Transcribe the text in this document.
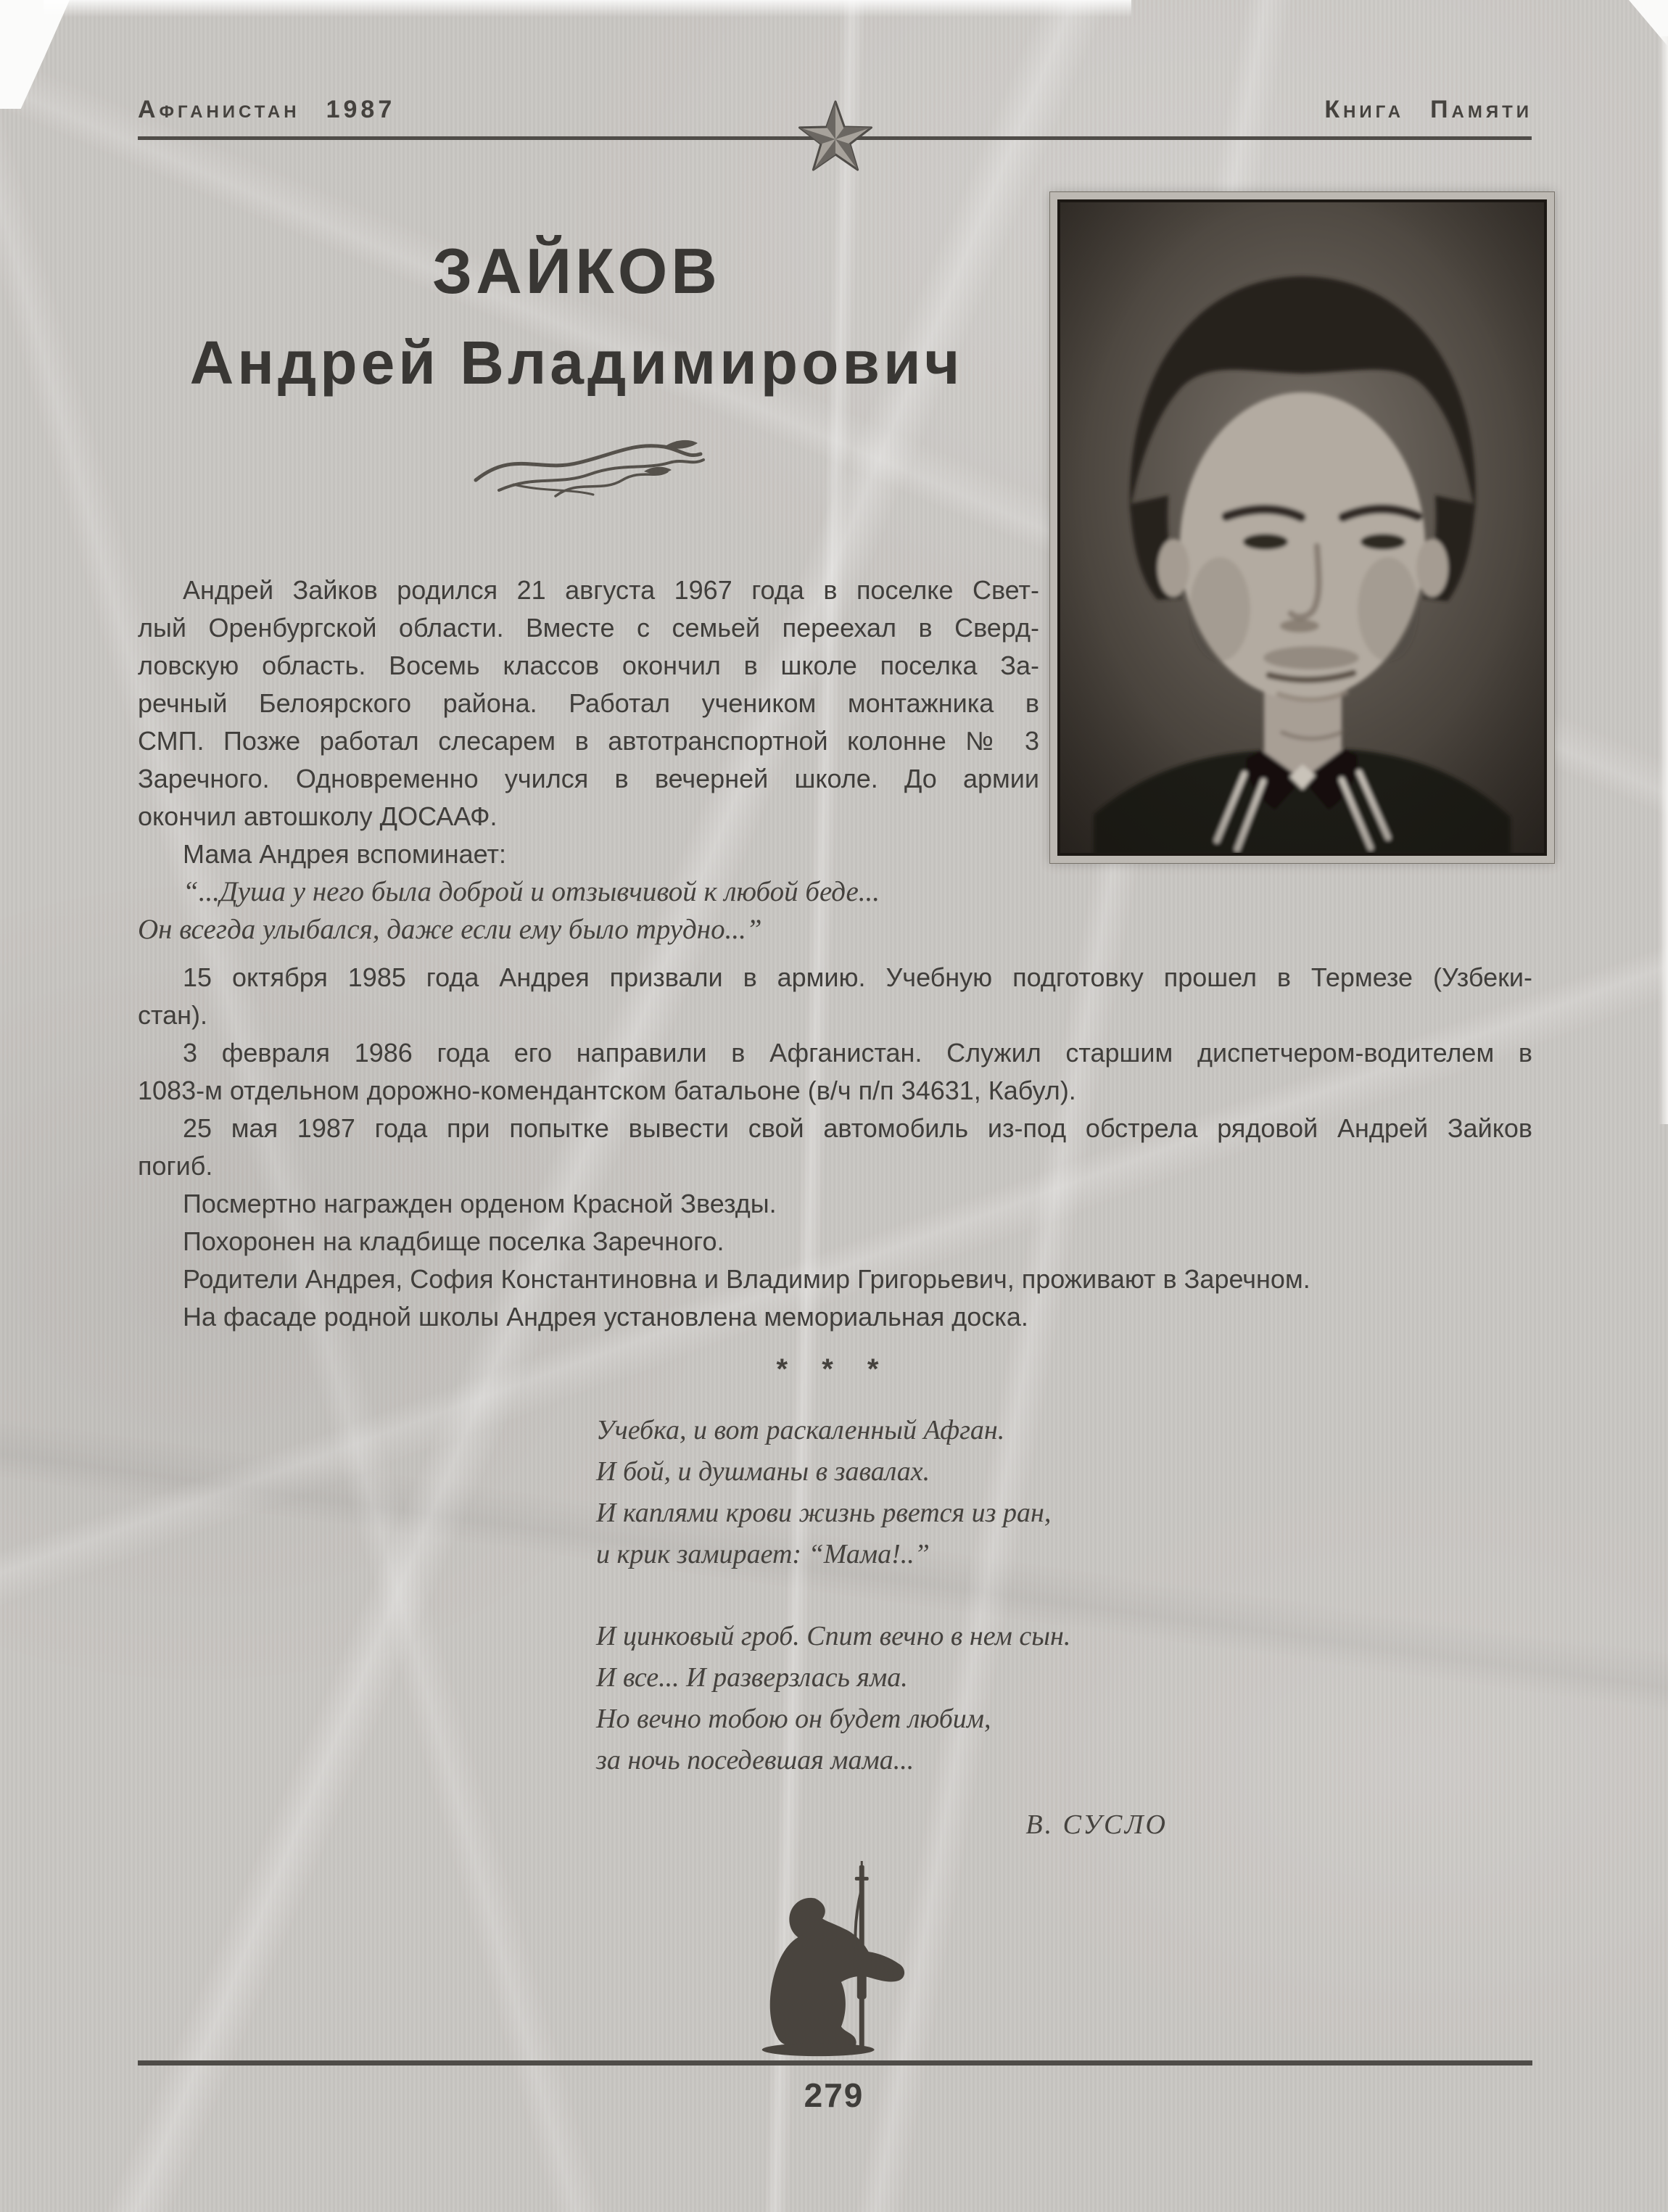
Афганистан 1987	Книга Памяти
ЗАЙКОВ
Андрей Владимирович
Андрей Зайков родился 21 августа 1967 года в поселке Свет-
лый Оренбургской области. Вместе с семьей переехал в Сверд-
ловскую область. Восемь классов окончил в школе поселка За-
речный Белоярского района. Работал учеником монтажника в
СМП. Позже работал слесарем в автотранспортной колонне № 3
Заречного. Одновременно учился в вечерней школе. До армии
окончил автошколу ДОСААФ.
Мама Андрея вспоминает:
“...Душа у него была доброй и отзывчивой к любой беде...
Он всегда улыбался, даже если ему было трудно...”
15 октября 1985 года Андрея призвали в армию. Учебную подготовку прошел в Термезе (Узбеки-
стан).
3 февраля 1986 года его направили в Афганистан. Служил старшим диспетчером-водителем в
1083-м отдельном дорожно-комендантском батальоне (в/ч п/п 34631, Кабул).
25 мая 1987 года при попытке вывести свой автомобиль из-под обстрела рядовой Андрей Зайков
погиб.
Посмертно награжден орденом Красной Звезды.
Похоронен на кладбище поселка Заречного.
Родители Андрея, София Константиновна и Владимир Григорьевич, проживают в Заречном.
На фасаде родной школы Андрея установлена мемориальная доска.
* * *
Учебка, и вот раскаленный Афган.
И бой, и душманы в завалах.
И каплями крови жизнь рвется из ран,
и крик замирает: “Мама!..”
И цинковый гроб. Спит вечно в нем сын.
И все... И разверзлась яма.
Но вечно тобою он будет любим,
за ночь поседевшая мама...
В. СУСЛО
279
